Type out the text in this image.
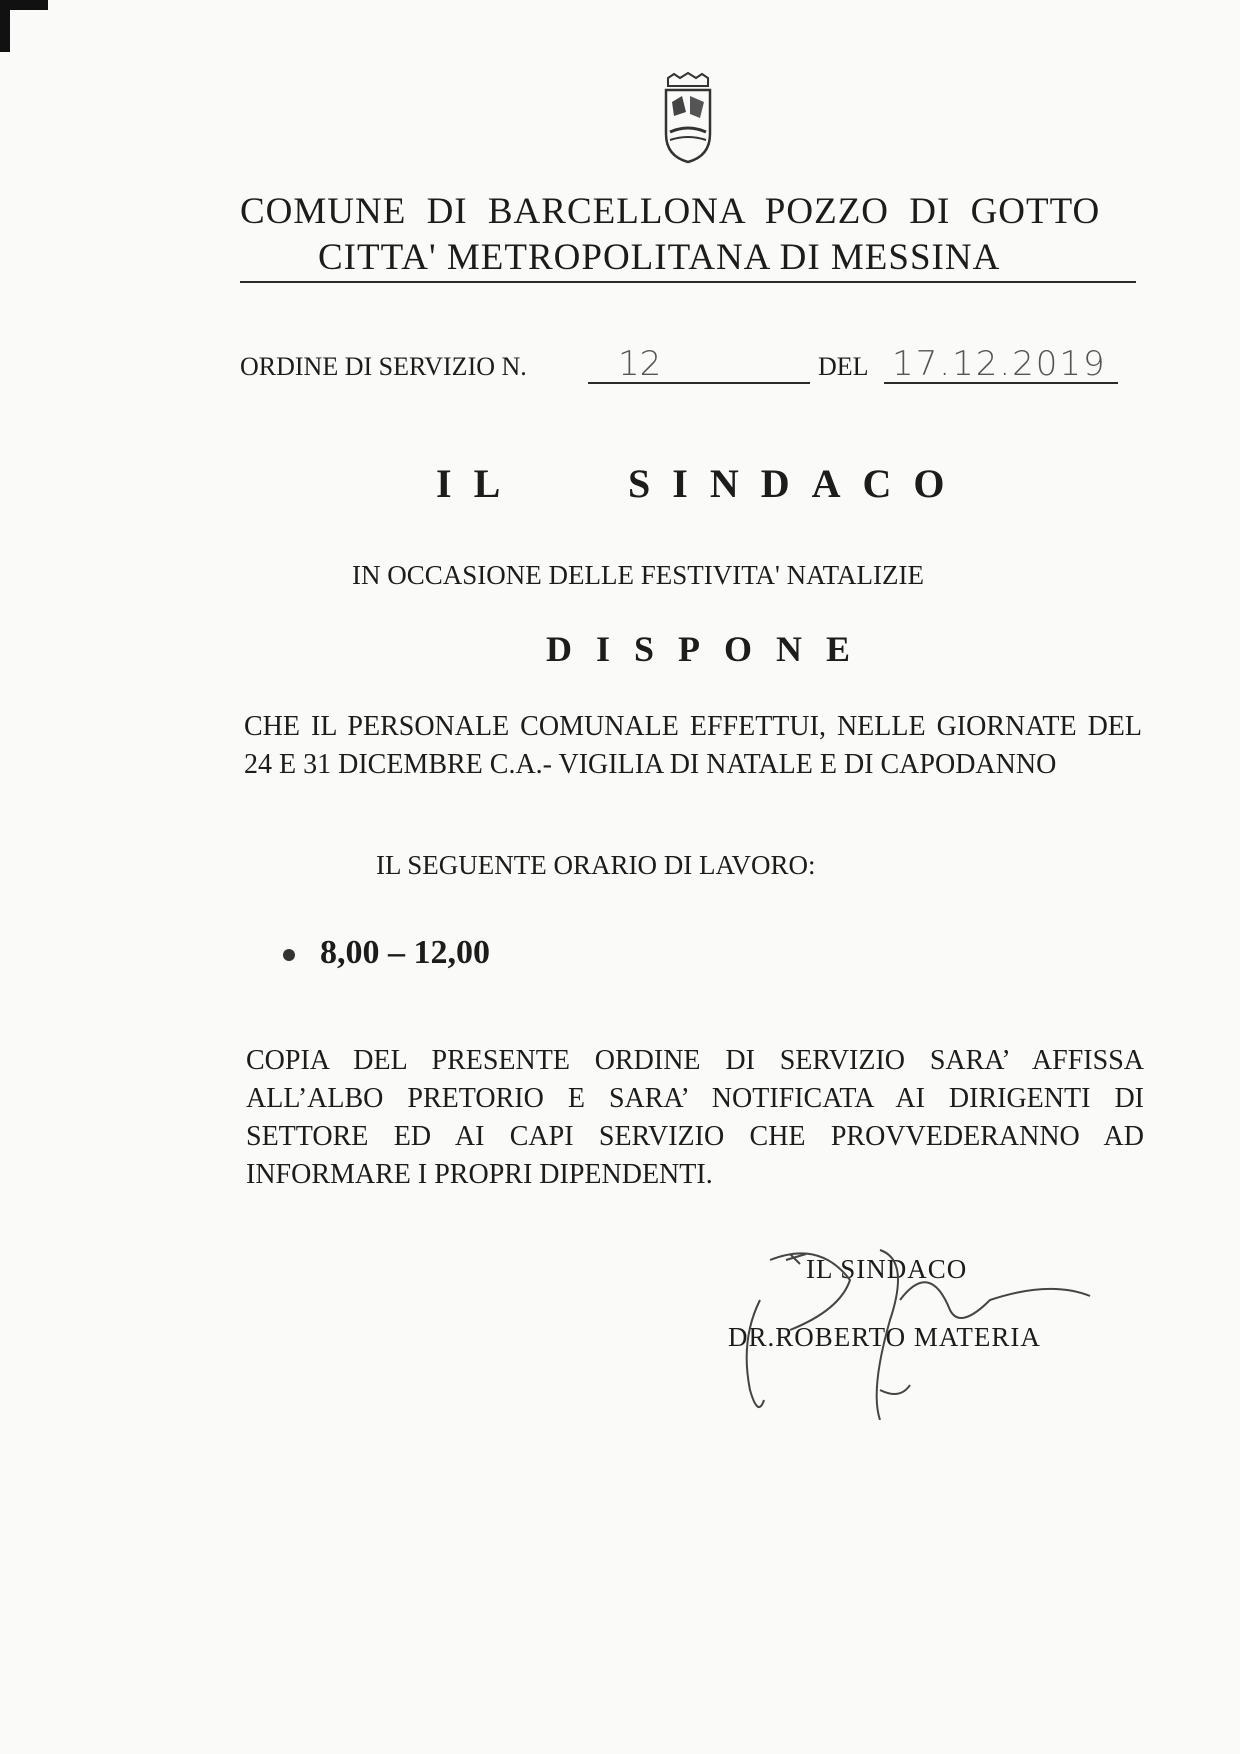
COMUNE DI BARCELLONA POZZO DI GOTTO
CITTA' METROPOLITANA DI MESSINA
ORDINE DI SERVIZIO N.	12	DEL 17.12.2019
IL	SINDACO
IN OCCASIONE DELLE FESTIVITA' NATALIZIE
DISPONE
CHE IL PERSONALE COMUNALE EFFETTUI, NELLE GIORNATE DEL 24 E 31 DICEMBRE C.A.- VIGILIA DI NATALE E DI CAPODANNO
IL SEGUENTE ORARIO DI LAVORO:
8,00 – 12,00
COPIA DEL PRESENTE ORDINE DI SERVIZIO SARA’ AFFISSA ALL’ALBO PRETORIO E SARA’ NOTIFICATA AI DIRIGENTI DI SETTORE ED AI CAPI SERVIZIO CHE PROVVEDERANNO AD INFORMARE I PROPRI DIPENDENTI.
IL SINDACO
DR.ROBERTO MATERIA
